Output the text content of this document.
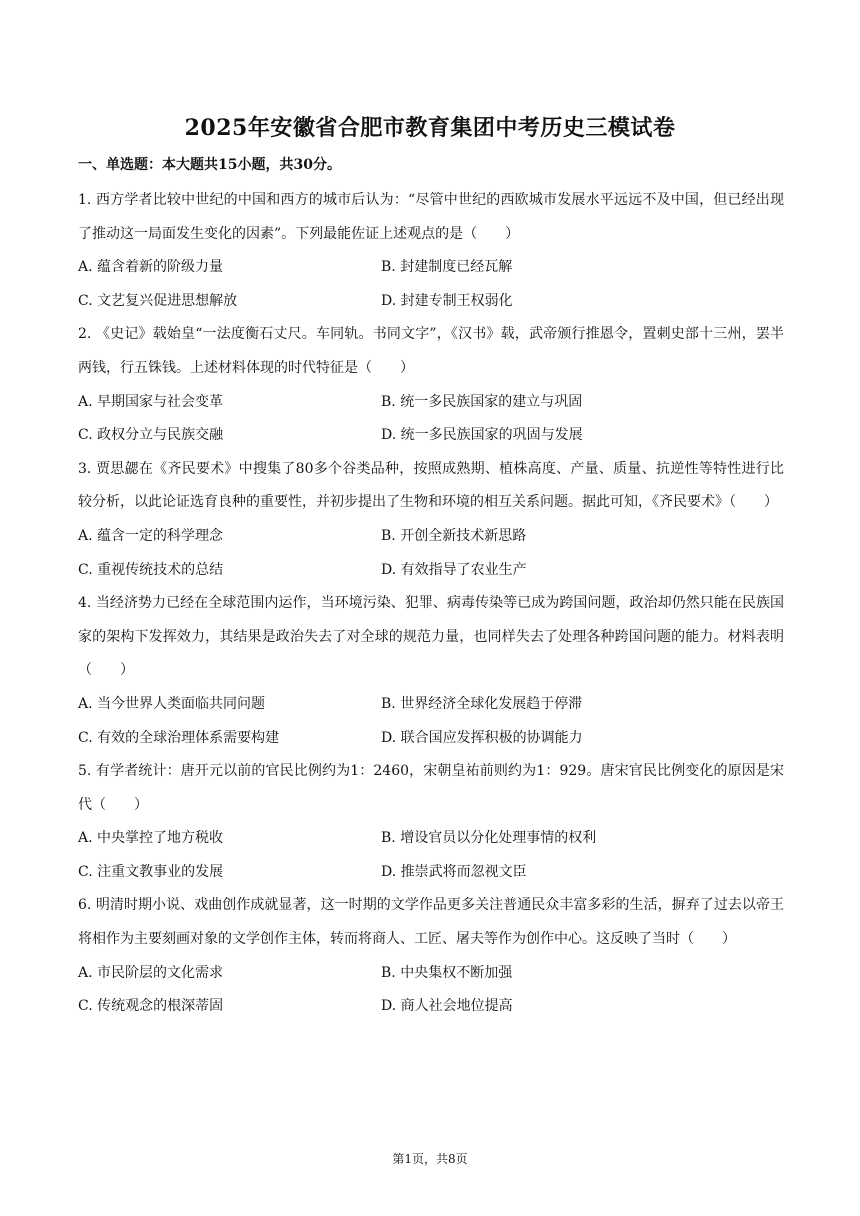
2025年安徽省合肥市教育集团中考历史三模试卷
一、单选题：本大题共15小题，共30分。

1. 西方学者比较中世纪的中国和西方的城市后认为：“尽管中世纪的西欧城市发展水平远远不及中国，但已经出现了推动这一局面发生变化的因素”。下列最能佐证上述观点的是（　　）

A. 蕴含着新的阶级力量	B. 封建制度已经瓦解
C. 文艺复兴促进思想解放	D. 封建专制王权弱化

2. 《史记》载始皇“一法度衡石丈尺。车同轨。书同文字”，《汉书》载，武帝颁行推恩令，置刺史部十三州，罢半两钱，行五铢钱。上述材料体现的时代特征是（　　）

A. 早期国家与社会变革	B. 统一多民族国家的建立与巩固
C. 政权分立与民族交融	D. 统一多民族国家的巩固与发展

3. 贾思勰在《齐民要术》中搜集了80多个谷类品种，按照成熟期、植株高度、产量、质量、抗逆性等特性进行比较分析，以此论证选育良种的重要性，并初步提出了生物和环境的相互关系问题。据此可知，《齐民要术》（　　）

A. 蕴含一定的科学理念	B. 开创全新技术新思路
C. 重视传统技术的总结	D. 有效指导了农业生产

4. 当经济势力已经在全球范围内运作，当环境污染、犯罪、病毒传染等已成为跨国问题，政治却仍然只能在民族国家的架构下发挥效力，其结果是政治失去了对全球的规范力量，也同样失去了处理各种跨国问题的能力。材料表明（　　）

A. 当今世界人类面临共同问题	B. 世界经济全球化发展趋于停滞
C. 有效的全球治理体系需要构建	D. 联合国应发挥积极的协调能力

5. 有学者统计：唐开元以前的官民比例约为1：2460，宋朝皇祐前则约为1：929。唐宋官民比例变化的原因是宋代（　　）

A. 中央掌控了地方税收	B. 增设官员以分化处理事情的权利
C. 注重文教事业的发展	D. 推崇武将而忽视文臣

6. 明清时期小说、戏曲创作成就显著，这一时期的文学作品更多关注普通民众丰富多彩的生活，摒弃了过去以帝王将相作为主要刻画对象的文学创作主体，转而将商人、工匠、屠夫等作为创作中心。这反映了当时（　　）

A. 市民阶层的文化需求	B. 中央集权不断加强
C. 传统观念的根深蒂固	D. 商人社会地位提高
第1页，共8页
